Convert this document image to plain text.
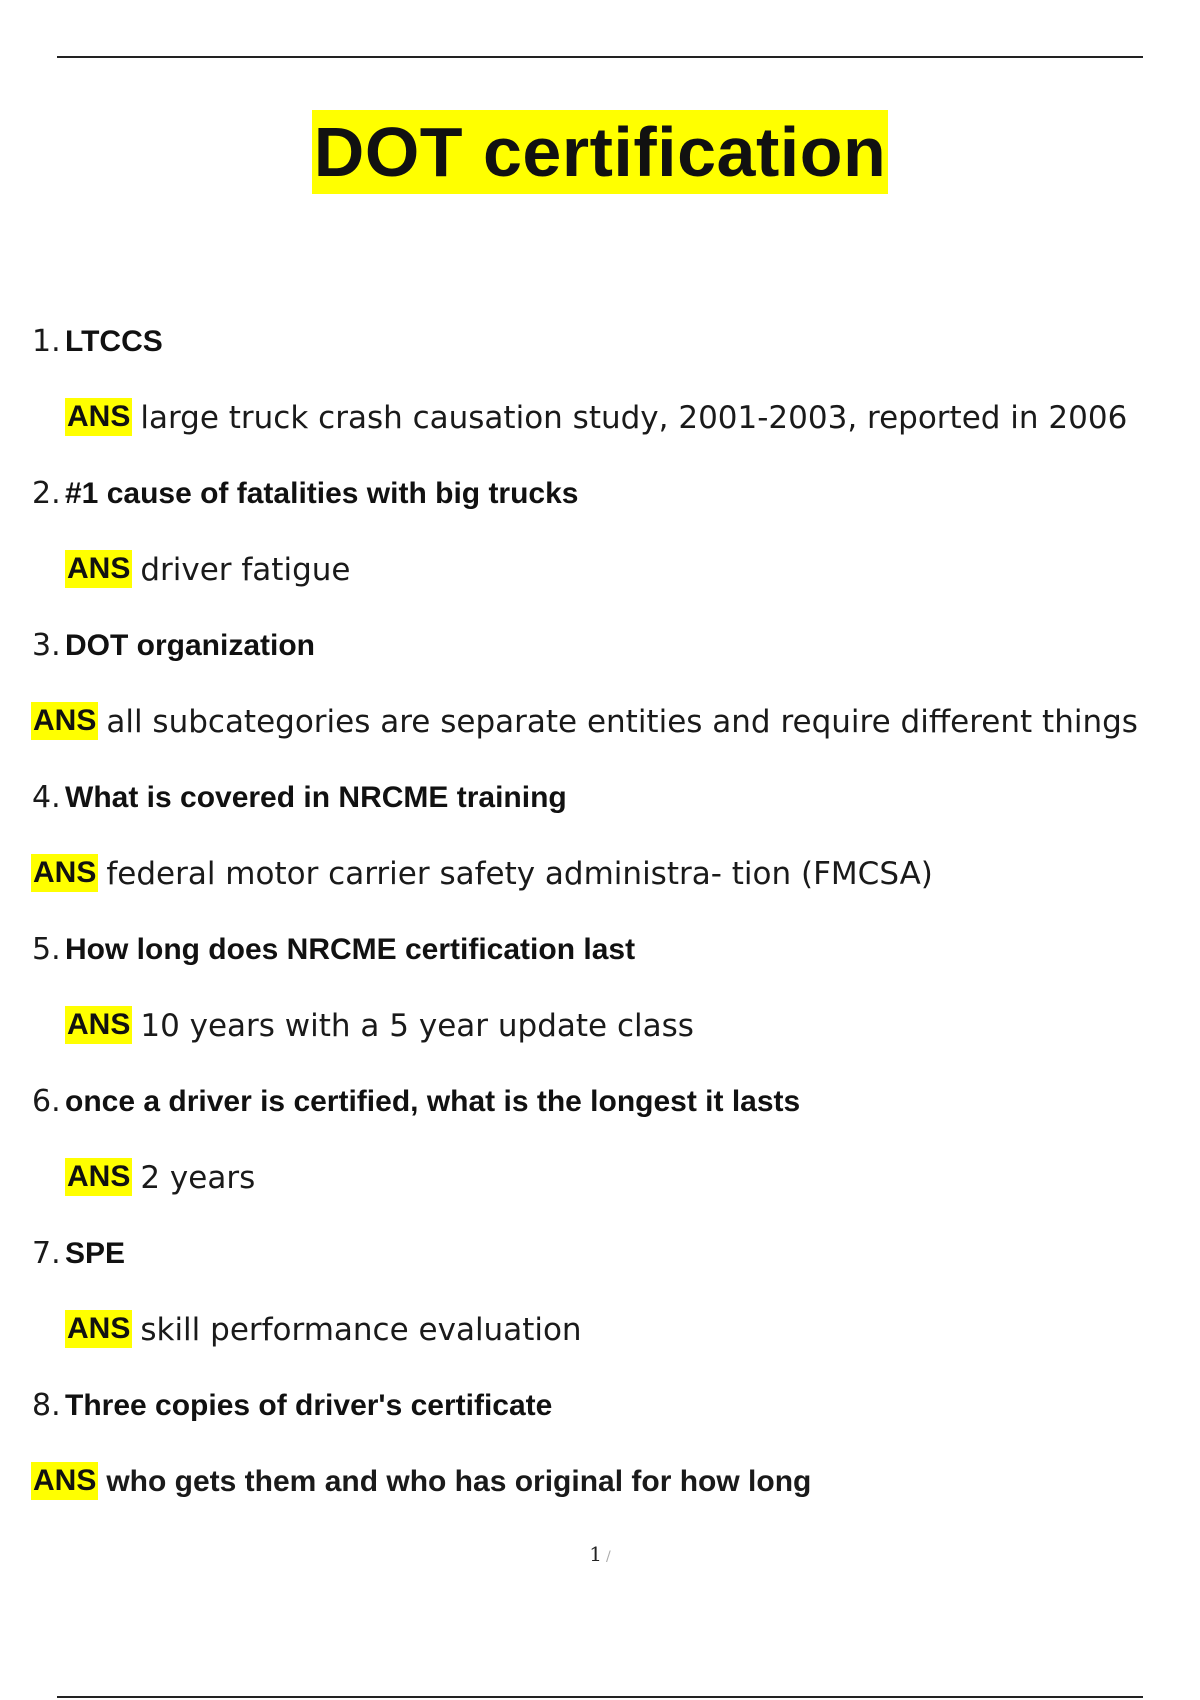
DOT certification
1. LTCCS
ANS large truck crash causation study, 2001-2003, reported in 2006
2. #1 cause of fatalities with big trucks
ANS driver fatigue
3. DOT organization
ANS all subcategories are separate entities and require different things
4. What is covered in NRCME training
ANS federal motor carrier safety administra- tion (FMCSA)
5. How long does NRCME certification last
ANS 10 years with a 5 year update class
6. once a driver is certified, what is the longest it lasts
ANS 2 years
7. SPE
ANS skill performance evaluation
8. Three copies of driver's certificate
ANS who gets them and who has original for how long
1 /
